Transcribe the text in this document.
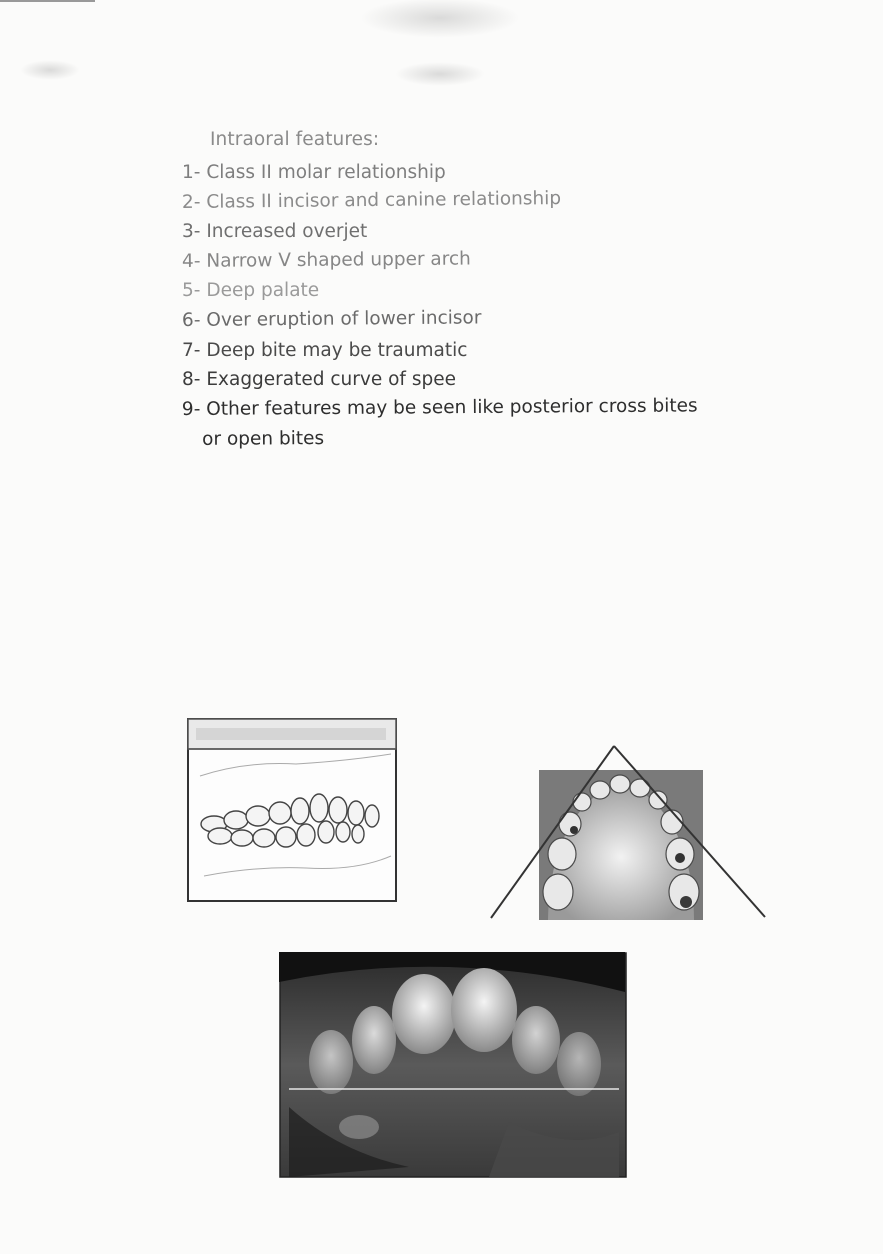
Intraoral features:
1- Class II molar relationship
2- Class II incisor and canine relationship
3- Increased overjet
4- Narrow V shaped upper arch
5- Deep palate
6- Over eruption of lower incisor
7- Deep bite may be traumatic
8- Exaggerated curve of spee
9- Other features may be seen like posterior cross bites
or open bites
